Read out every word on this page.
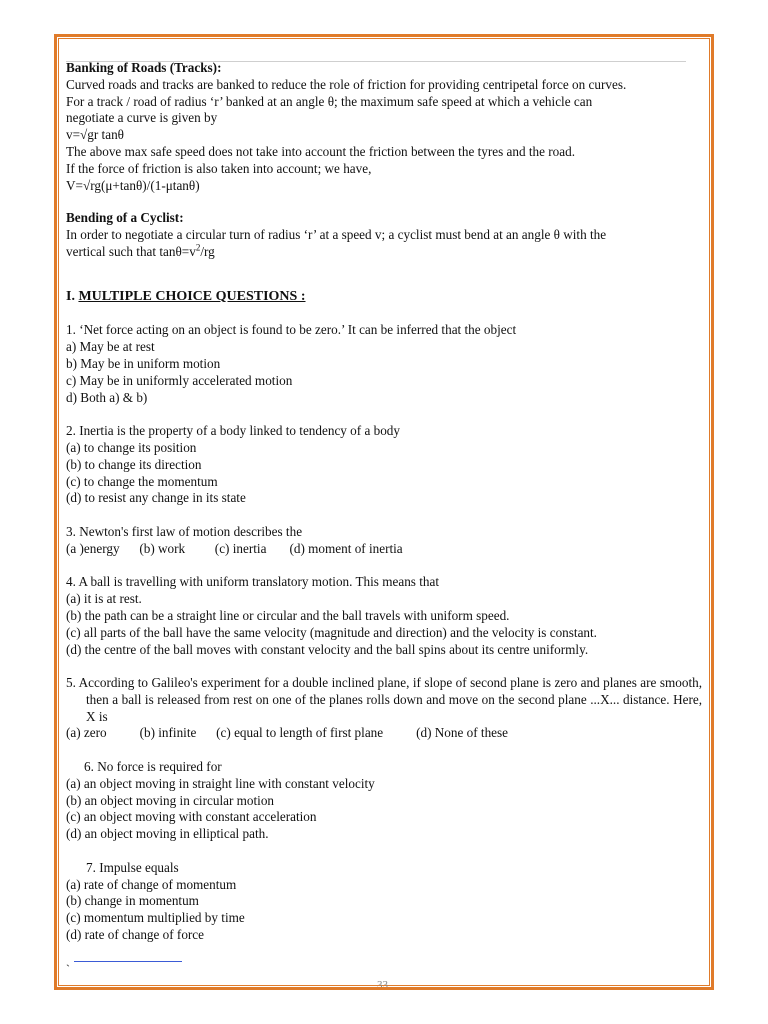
Banking of Roads (Tracks):

Curved roads and tracks are banked to reduce the role of friction for providing centripetal force on curves.

For a track / road of radius ‘r’ banked at an angle θ; the maximum safe speed at which a vehicle can

negotiate a curve is given by

v=√gr tanθ

The above max safe speed does not take into account the friction between the tyres and the road.

If the force of friction is also taken into account; we have,

V=√rg(μ+tanθ)/(1-μtanθ)

Bending of a Cyclist:

In order to negotiate a circular turn of radius ‘r’ at a speed v; a cyclist must bend at an angle θ with the

vertical such that $\tan\theta=v^2/rg$

I. MULTIPLE CHOICE QUESTIONS :

1. ‘Net force acting on an object is found to be zero.’ It can be inferred that the object

a) May be at rest

b) May be in uniform motion

c) May be in uniformly accelerated motion

d) Both a) & b)

2. Inertia is the property of a body linked to tendency of a body

(a) to change its position

(b) to change its direction

(c) to change the momentum

(d) to resist any change in its state

3. Newton's first law of motion describes the

(a )energy      (b) work         (c) inertia       (d) moment of inertia

4. A ball is travelling with uniform translatory motion. This means that

(a) it is at rest.

(b) the path can be a straight line or circular and the ball travels with uniform speed.

(c) all parts of the ball have the same velocity (magnitude and direction) and the velocity is constant.

(d) the centre of the ball moves with constant velocity and the ball spins about its centre uniformly.

5. According to Galileo's experiment for a double inclined plane, if slope of second plane is zero and planes are smooth, then a ball is released from rest on one of the planes rolls down and move on the second plane ...X... distance. Here, X is

(a) zero          (b) infinite      (c) equal to length of first plane          (d) None of these

6. No force is required for

(a) an object moving in straight line with constant velocity

(b) an object moving in circular motion

(c) an object moving with constant acceleration

(d) an object moving in elliptical path.

7. Impulse equals

(a) rate of change of momentum

(b) change in momentum

(c) momentum multiplied by time

(d) rate of change of force

`
33
